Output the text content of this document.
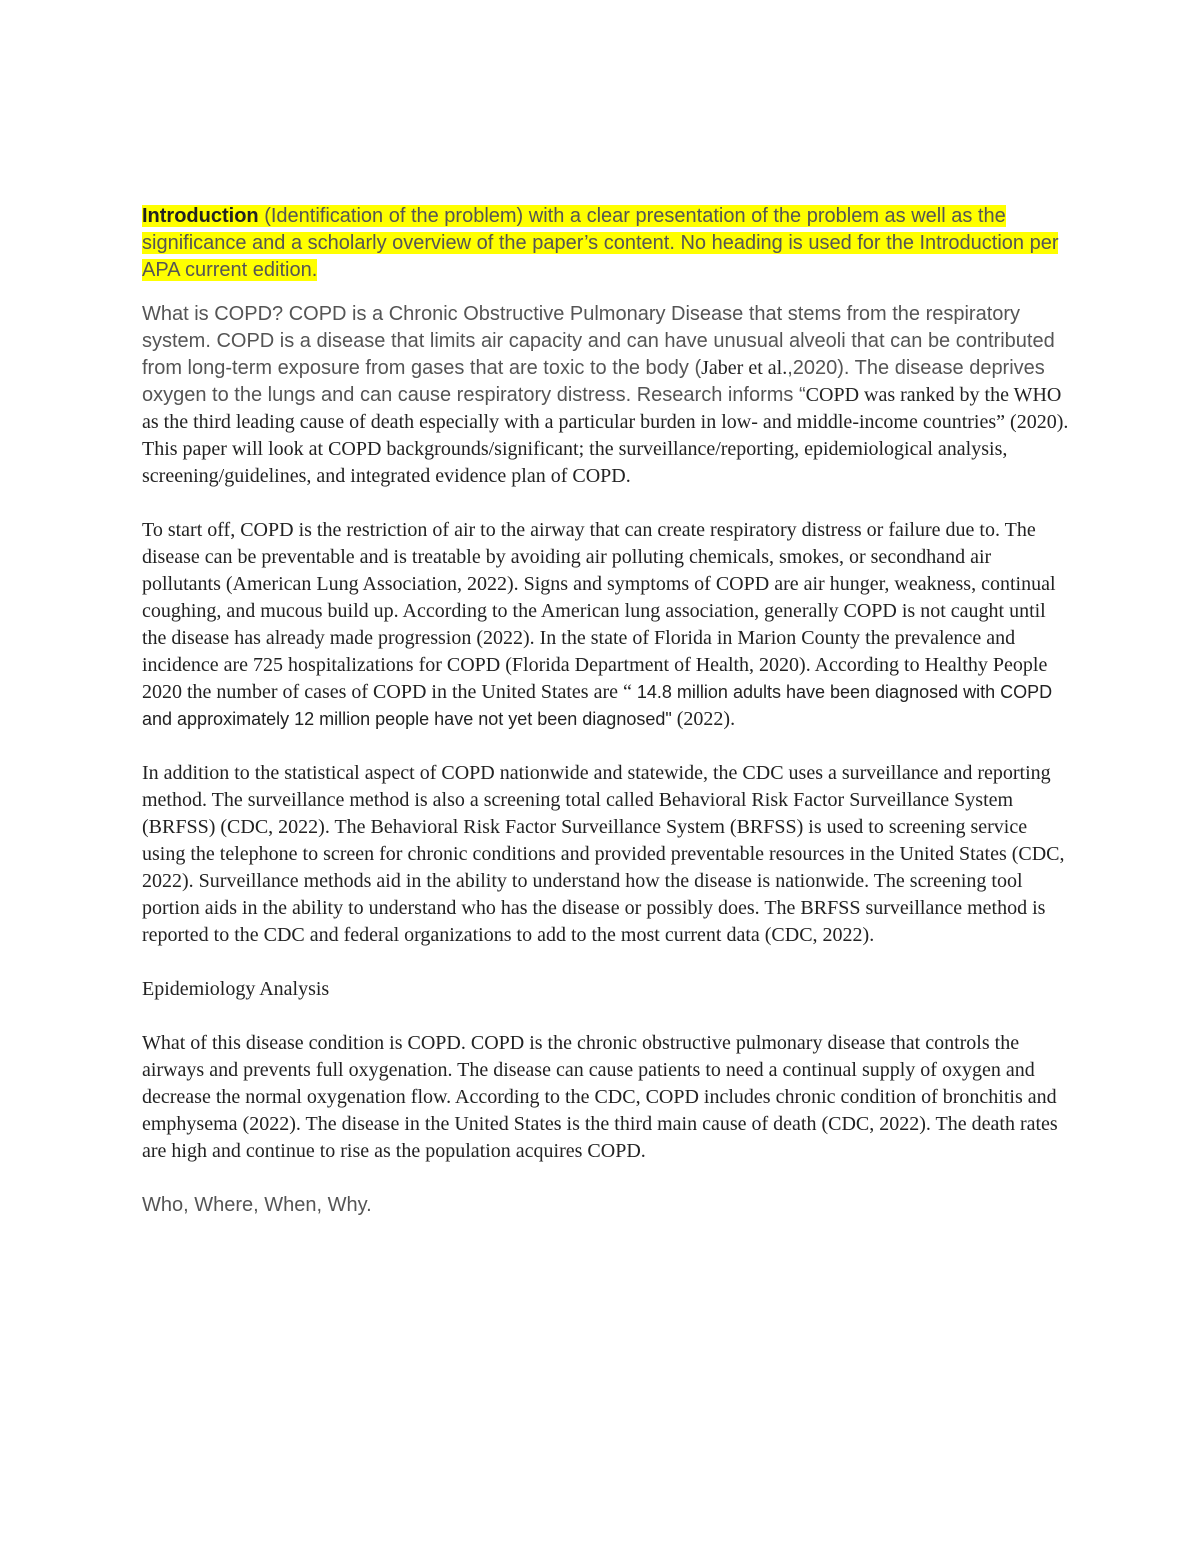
Introduction (Identification of the problem) with a clear presentation of the problem as well as the significance and a scholarly overview of the paper’s content. No heading is used for the Introduction per APA current edition.

What is COPD? COPD is a Chronic Obstructive Pulmonary Disease that stems from the respiratory system. COPD is a disease that limits air capacity and can have unusual alveoli that can be contributed from long-term exposure from gases that are toxic to the body (Jaber et al.,2020). The disease deprives oxygen to the lungs and can cause respiratory distress. Research informs “COPD was ranked by the WHO as the third leading cause of death especially with a particular burden in low- and middle-income countries” (2020). This paper will look at COPD backgrounds/significant; the surveillance/reporting, epidemiological analysis, screening/guidelines, and integrated evidence plan of COPD.

To start off, COPD is the restriction of air to the airway that can create respiratory distress or failure due to. The disease can be preventable and is treatable by avoiding air polluting chemicals, smokes, or secondhand air pollutants (American Lung Association, 2022). Signs and symptoms of COPD are air hunger, weakness, continual coughing, and mucous build up. According to the American lung association, generally COPD is not caught until the disease has already made progression (2022). In the state of Florida in Marion County the prevalence and incidence are 725 hospitalizations for COPD (Florida Department of Health, 2020). According to Healthy People 2020 the number of cases of COPD in the United States are “ 14.8 million adults have been diagnosed with COPD and approximately 12 million people have not yet been diagnosed" (2022).

In addition to the statistical aspect of COPD nationwide and statewide, the CDC uses a surveillance and reporting method. The surveillance method is also a screening total called Behavioral Risk Factor Surveillance System (BRFSS) (CDC, 2022). The Behavioral Risk Factor Surveillance System (BRFSS) is used to screening service using the telephone to screen for chronic conditions and provided preventable resources in the United States (CDC, 2022). Surveillance methods aid in the ability to understand how the disease is nationwide. The screening tool portion aids in the ability to understand who has the disease or possibly does. The BRFSS surveillance method is reported to the CDC and federal organizations to add to the most current data (CDC, 2022).

Epidemiology Analysis

What of this disease condition is COPD. COPD is the chronic obstructive pulmonary disease that controls the airways and prevents full oxygenation. The disease can cause patients to need a continual supply of oxygen and decrease the normal oxygenation flow. According to the CDC, COPD includes chronic condition of bronchitis and emphysema (2022). The disease in the United States is the third main cause of death (CDC, 2022). The death rates are high and continue to rise as the population acquires COPD.

Who, Where, When, Why.
